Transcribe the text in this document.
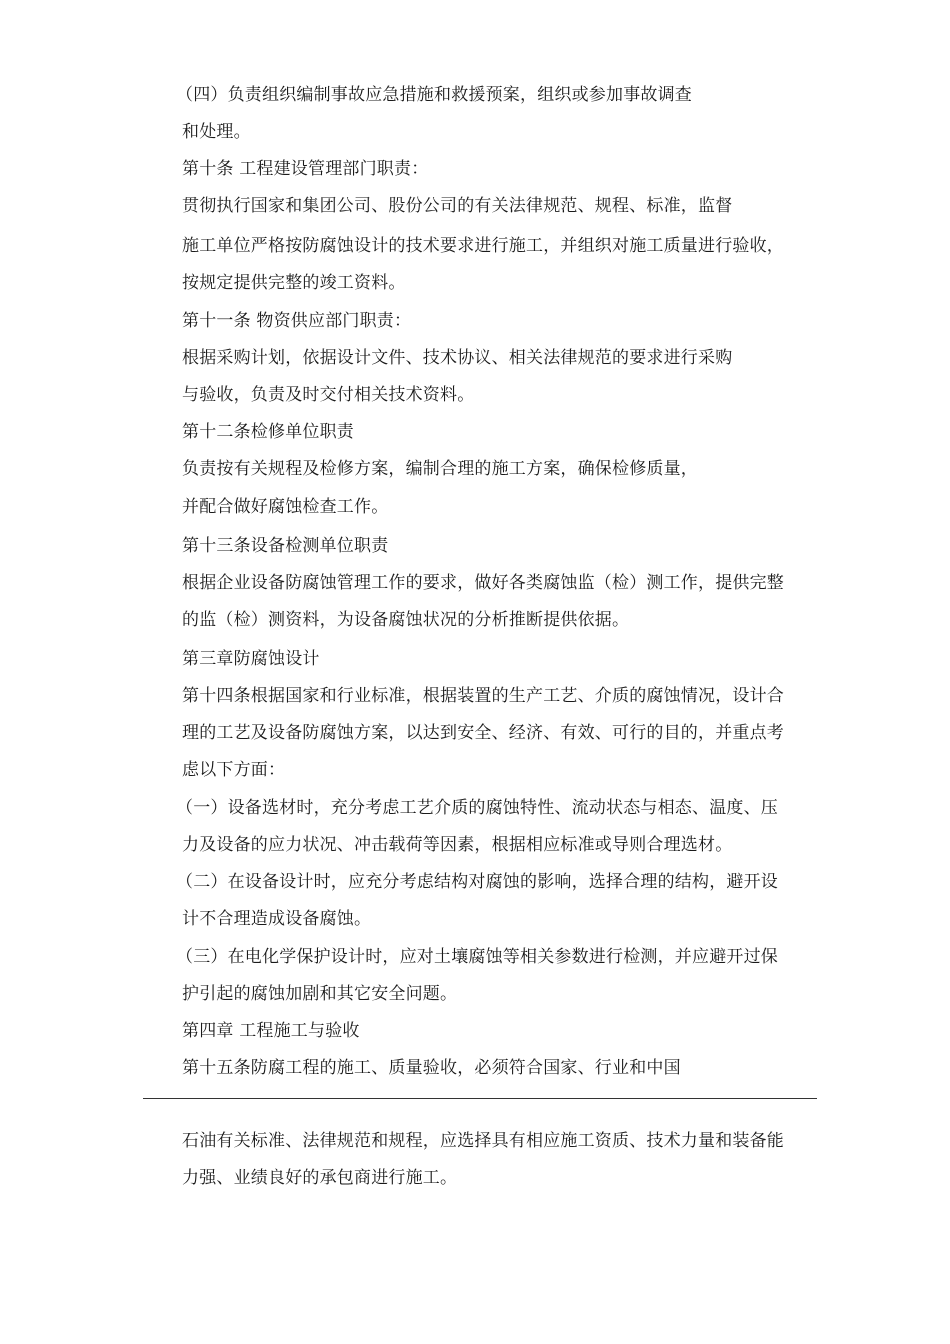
（四）负责组织编制事故应急措施和救援预案，组织或参加事故调查

和处理。

第十条 工程建设管理部门职责：

贯彻执行国家和集团公司、股份公司的有关法律规范、规程、标准，监督

施工单位严格按防腐蚀设计的技术要求进行施工，并组织对施工质量进行验收，

按规定提供完整的竣工资料。

第十一条 物资供应部门职责：

根据采购计划，依据设计文件、技术协议、相关法律规范的要求进行采购

与验收，负责及时交付相关技术资料。

第十二条检修单位职责

负责按有关规程及检修方案，编制合理的施工方案，确保检修质量，

并配合做好腐蚀检查工作。

第十三条设备检测单位职责

根据企业设备防腐蚀管理工作的要求，做好各类腐蚀监（检）测工作，提供完整

的监（检）测资料，为设备腐蚀状况的分析推断提供依据。

第三章防腐蚀设计

第十四条根据国家和行业标准，根据装置的生产工艺、介质的腐蚀情况，设计合

理的工艺及设备防腐蚀方案，以达到安全、经济、有效、可行的目的，并重点考

虑以下方面：

（一）设备选材时，充分考虑工艺介质的腐蚀特性、流动状态与相态、温度、压

力及设备的应力状况、冲击载荷等因素，根据相应标准或导则合理选材。

（二）在设备设计时，应充分考虑结构对腐蚀的影响，选择合理的结构，避开设

计不合理造成设备腐蚀。

（三）在电化学保护设计时，应对土壤腐蚀等相关参数进行检测，并应避开过保

护引起的腐蚀加剧和其它安全问题。

第四章 工程施工与验收

第十五条防腐工程的施工、质量验收，必须符合国家、行业和中国

石油有关标准、法律规范和规程，应选择具有相应施工资质、技术力量和装备能

力强、业绩良好的承包商进行施工。
